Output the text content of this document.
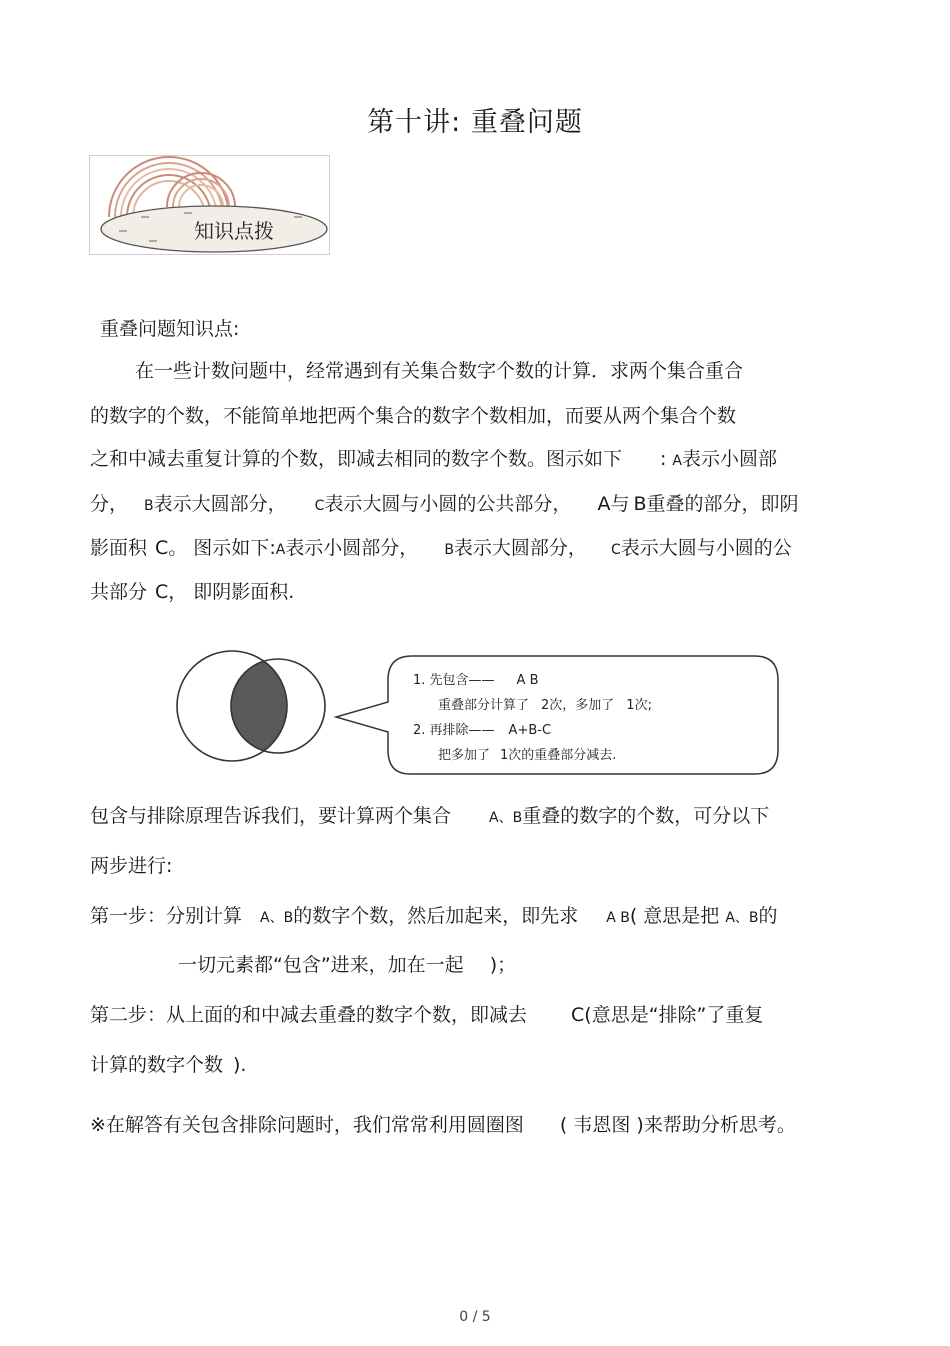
第十讲: 重叠问题
知识点拨
重叠问题知识点:
在一些计数问题中，经常遇到有关集合数字个数的计算．求两个集合重合
的数字的个数，不能简单地把两个集合的数字个数相加，而要从两个集合个数
之和中减去重复计算的个数，即减去相同的数字个数。图示如下 : A表示小圆部
分， B表示大圆部分， C表示大圆与小圆的公共部分， A与 B重叠的部分，即阴
影面积 C。 图示如下:A表示小圆部分， B表示大圆部分， C表示大圆与小圆的公
共部分 C， 即阴影面积.
1. 先包含—— A B
重叠部分计算了 2次，多加了 1次;
2. 再排除—— A+B-C
把多加了 1次的重叠部分减去.
包含与排除原理告诉我们，要计算两个集合	A、B重叠的数字的个数，可分以下
两步进行:
第一步：分别计算 A、B的数字个数，然后加起来，即先求 A B( 意思是把 A、B的
一切元素都“包含”进来，加在一起 )；
第二步：从上面的和中减去重叠的数字个数，即减去 C(意思是“排除”了重复
计算的数字个数 ).
※在解答有关包含排除问题时，我们常常利用圆圈图 ( 韦恩图 )来帮助分析思考。
0 / 5
